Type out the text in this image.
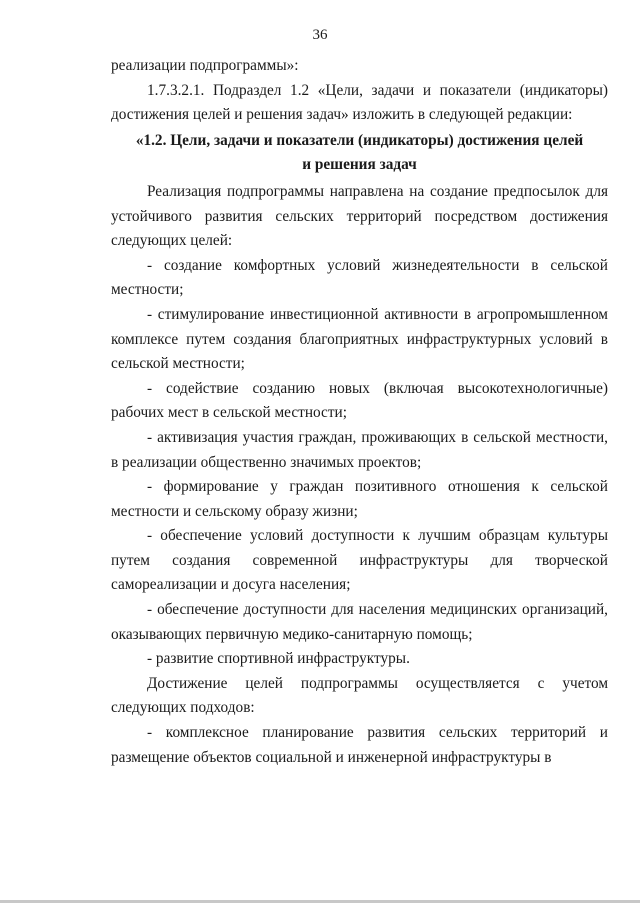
36

реализации подпрограммы»:

1.7.3.2.1. Подраздел 1.2 «Цели, задачи и показатели (индикаторы) достижения целей и решения задач» изложить в следующей редакции:

«1.2. Цели, задачи и показатели (индикаторы) достижения целей
и решения задач

Реализация подпрограммы направлена на создание предпосылок для устойчивого развития сельских территорий посредством достижения следующих целей:

- создание комфортных условий жизнедеятельности в сельской местности;

- стимулирование инвестиционной активности в агропромышленном комплексе путем создания благоприятных инфраструктурных условий в сельской местности;

- содействие созданию новых (включая высокотехнологичные) рабочих мест в сельской местности;

- активизация участия граждан, проживающих в сельской местности, в реализации общественно значимых проектов;

- формирование у граждан позитивного отношения к сельской местности и сельскому образу жизни;

- обеспечение условий доступности к лучшим образцам культуры путем создания современной инфраструктуры для творческой самореализации и досуга населения;

- обеспечение доступности для населения медицинских организаций, оказывающих первичную медико-санитарную помощь;

- развитие спортивной инфраструктуры.

Достижение целей подпрограммы осуществляется с учетом следующих подходов:

- комплексное планирование развития сельских территорий и размещение объектов социальной и инженерной инфраструктуры в
